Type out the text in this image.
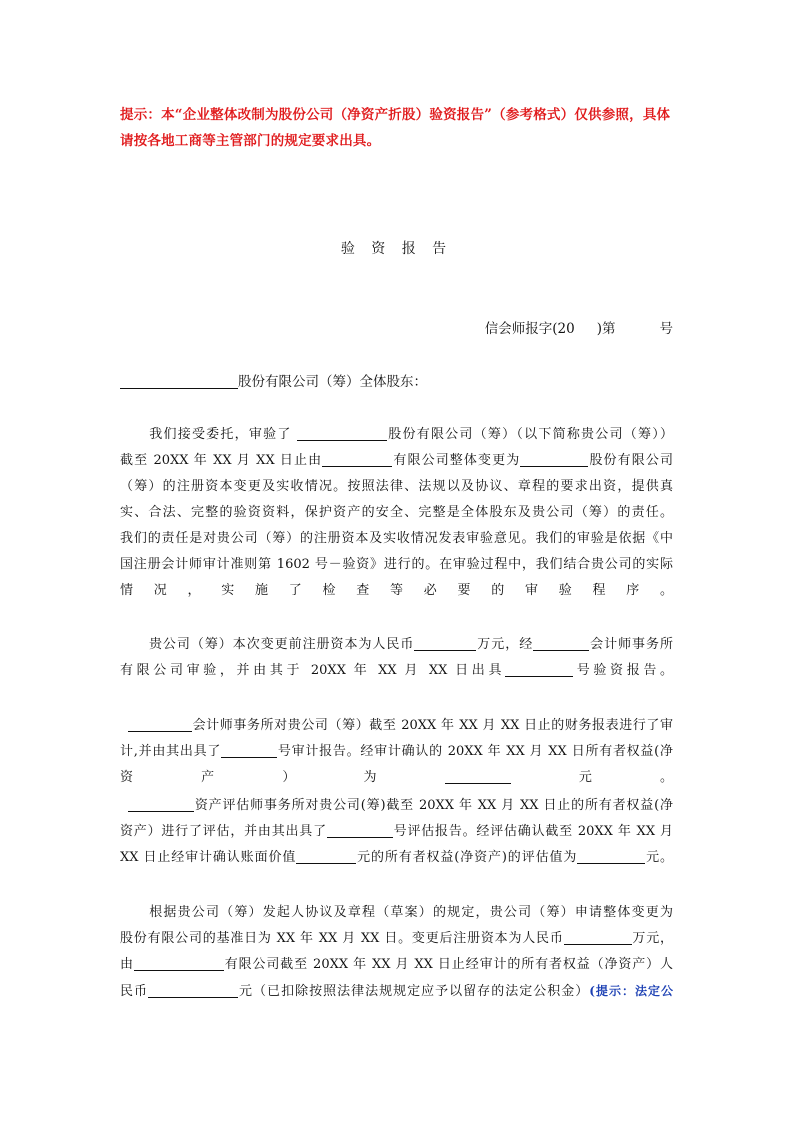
提示：本“企业整体改制为股份公司（净资产折股）验资报告”（参考格式）仅供参照，具体请按各地工商等主管部门的规定要求出具。
验 资 报 告
信会师报字(20 )第	号
股份有限公司（筹）全体股东：
我们接受委托，审验了	股份有限公司（筹）（以下简称贵公司（筹））
截至 20XX 年 XX 月 XX 日止由	有限公司整体变更为	股份有限公司
（筹）的注册资本变更及实收情况。按照法律、法规以及协议、章程的要求出资，提供真
实、合法、完整的验资资料，保护资产的安全、完整是全体股东及贵公司（筹）的责任。
我们的责任是对贵公司（筹）的注册资本及实收情况发表审验意见。我们的审验是依据《中
国注册会计师审计准则第 1602 号－验资》进行的。在审验过程中，我们结合贵公司的实际
情况，实施了检查等必要的审验程序。
贵公司（筹）本次变更前注册资本为人民币	万元，经	会计师事务所
有限公司审验，并由其于 20XX 年 XX 月 XX 日出具	号验资报告。
会计师事务所对贵公司（筹）截至 20XX 年 XX 月 XX 日止的财务报表进行了审
计,并由其出具了	号审计报告。经审计确认的 20XX 年 XX 月 XX 日所有者权益(净
资产）为	元。
资产评估师事务所对贵公司(筹)截至 20XX 年 XX 月 XX 日止的所有者权益(净
资产）进行了评估，并由其出具了	号评估报告。经评估确认截至 20XX 年 XX 月
XX 日止经审计确认账面价值	元的所有者权益(净资产)的评估值为	元。
根据贵公司（筹）发起人协议及章程（草案）的规定，贵公司（筹）申请整体变更为
股份有限公司的基准日为 XX 年 XX 月 XX 日。变更后注册资本为人民币	万元，
由	有限公司截至 20XX 年 XX 月 XX 日止经审计的所有者权益（净资产）人
民币	元（已扣除按照法律法规规定应予以留存的法定公积金）(提示：法定公
